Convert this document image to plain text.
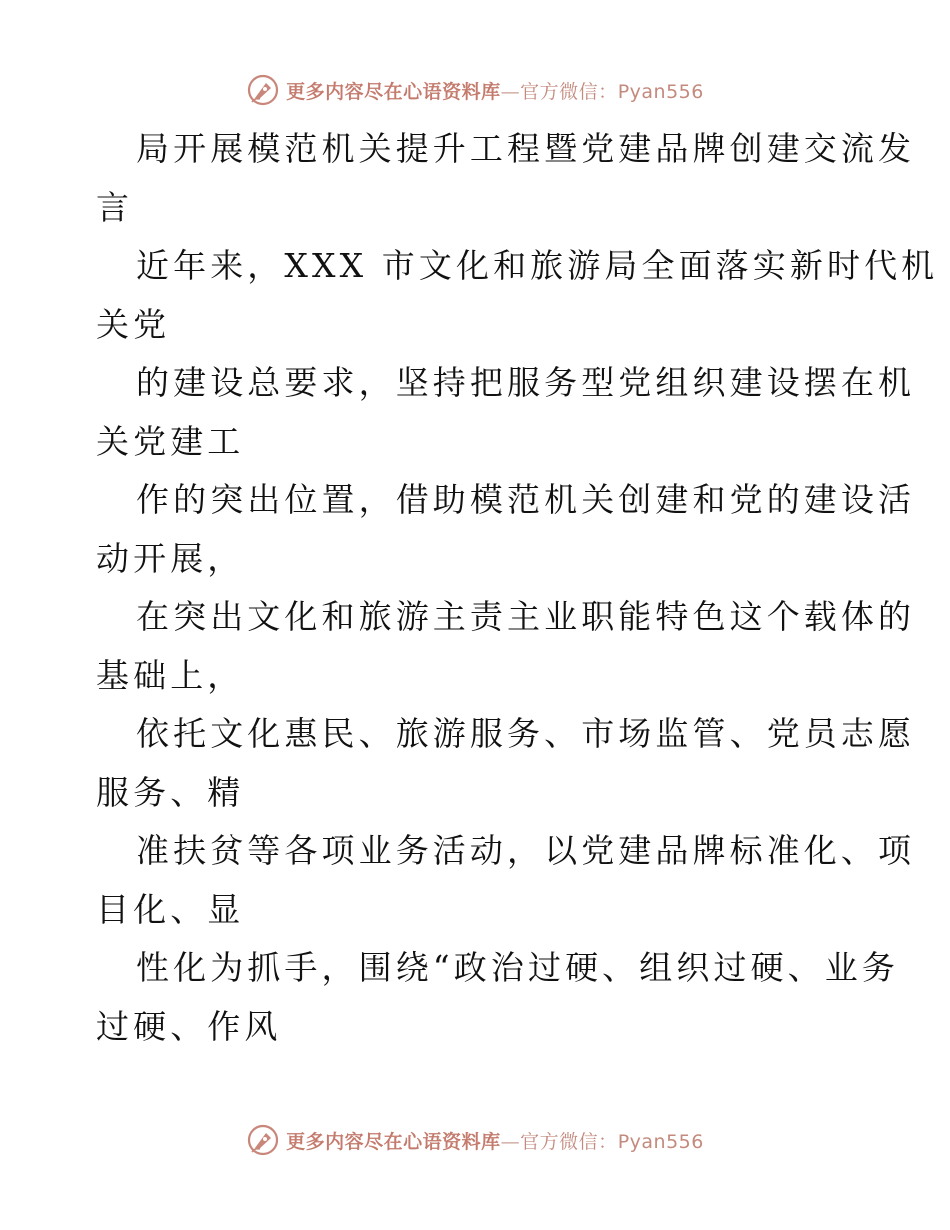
更多内容尽在心语资料库—官方微信：Pyan556
局开展模范机关提升工程暨党建品牌创建交流发
言
近年来，XXX 市文化和旅游局全面落实新时代机
关党
的建设总要求，坚持把服务型党组织建设摆在机
关党建工
作的突出位置，借助模范机关创建和党的建设活
动开展，
在突出文化和旅游主责主业职能特色这个载体的
基础上，
依托文化惠民、旅游服务、市场监管、党员志愿
服务、精
准扶贫等各项业务活动，以党建品牌标准化、项
目化、显
性化为抓手，围绕“政治过硬、组织过硬、业务
过硬、作风
更多内容尽在心语资料库—官方微信：Pyan556
